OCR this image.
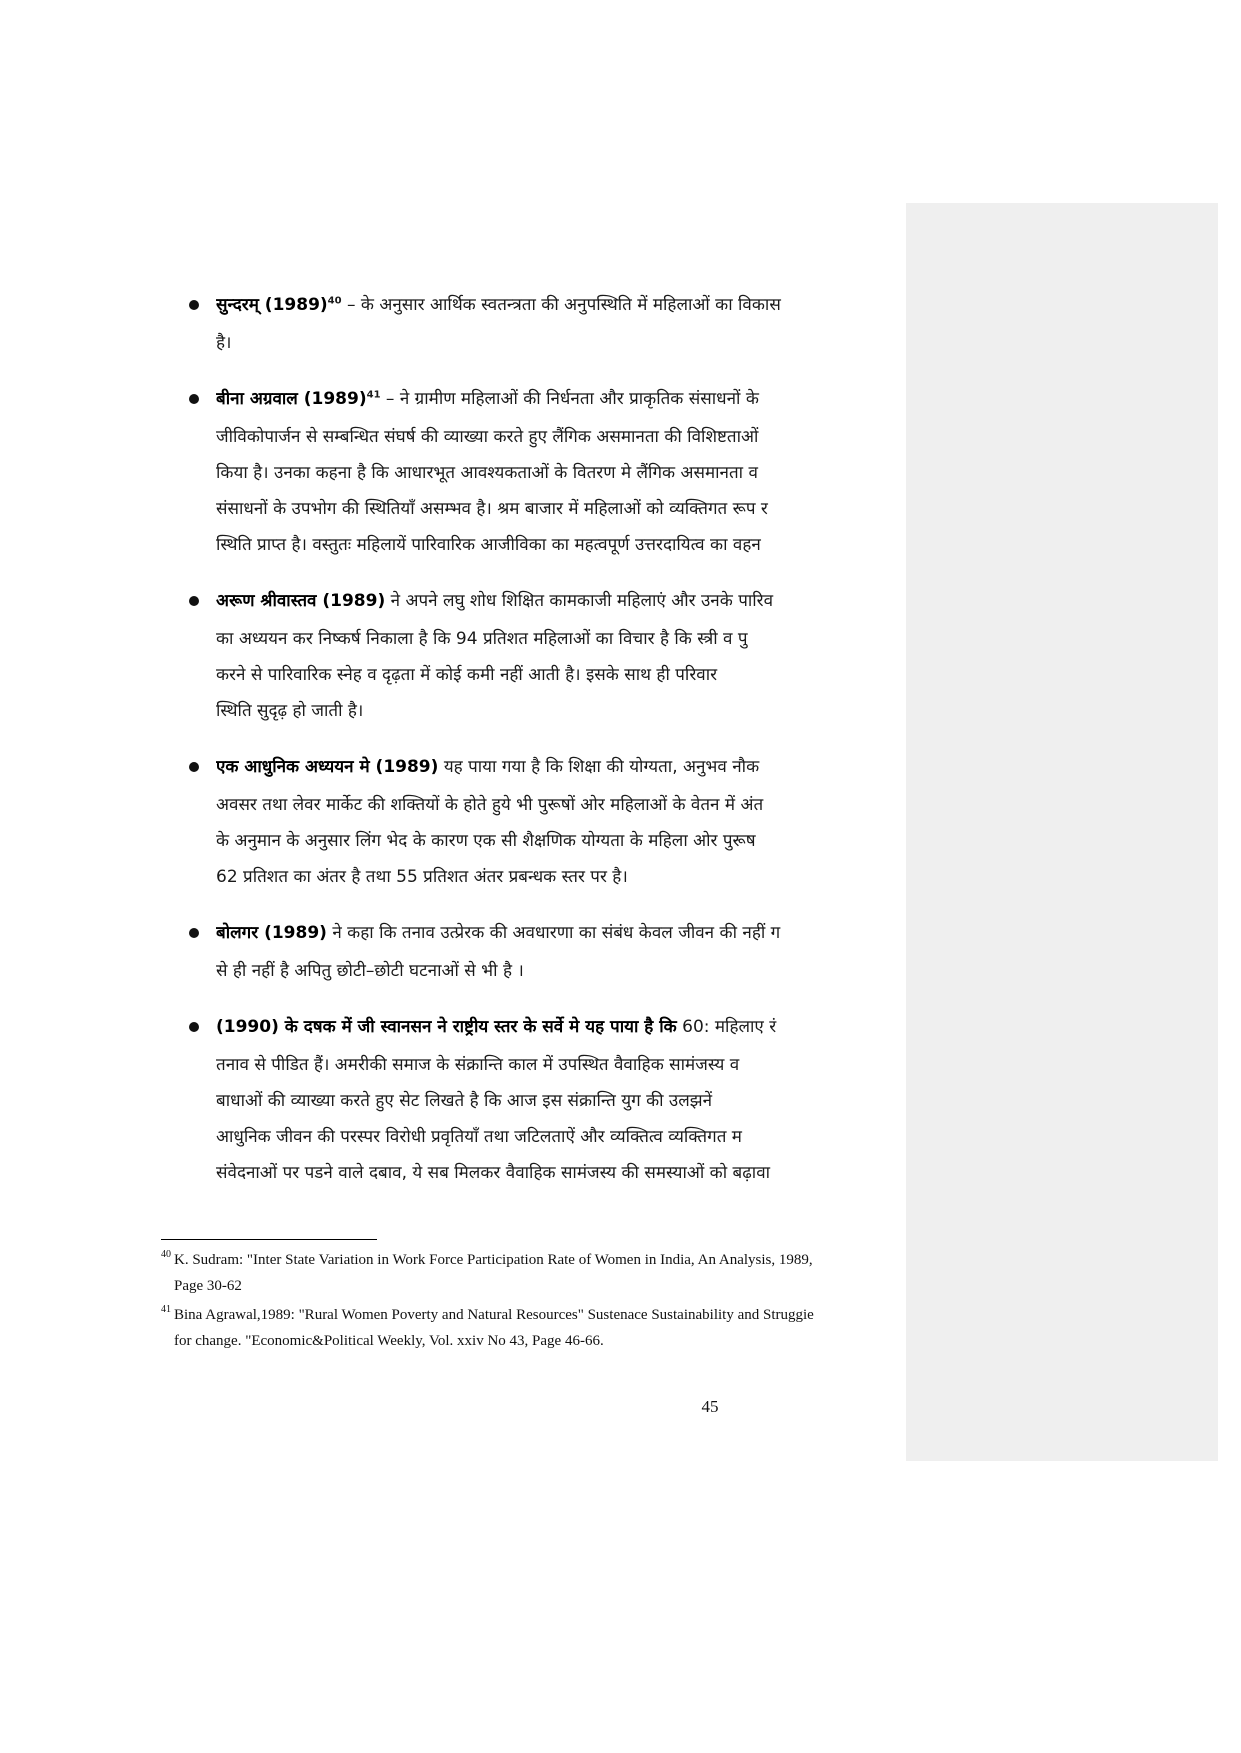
सुन्दरम् $(1989)^{40}$ – के अनुसार आर्थिक स्वतन्त्रता की अनुपस्थिति में महिलाओं का विकास
है।
बीना अग्रवाल $(1989)^{41}$ – ने ग्रामीण महिलाओं की निर्धनता और प्राकृतिक संसाधनों के
जीविकोपार्जन से सम्बन्धित संघर्ष की व्याख्या करते हुए लैंगिक असमानता की विशिष्टताओं
किया है। उनका कहना है कि आधारभूत आवश्यकताओं के वितरण मे लैंगिक असमानता व
संसाधनों के उपभोग की स्थितियॉं असम्भव है। श्रम बाजार में महिलाओं को व्यक्तिगत रूप र
स्थिति प्राप्त है। वस्तुतः महिलायें पारिवारिक आजीविका का महत्वपूर्ण उत्तरदायित्व का वहन
अरूण श्रीवास्तव (1989) ने अपने लघु शोध शिक्षित कामकाजी महिलाएं और उनके पारिव
का अध्ययन कर निष्कर्ष निकाला है कि 94 प्रतिशत महिलाओं का विचार है कि स्त्री व पु
करने से पारिवारिक स्नेह व दृढ़ता में कोई कमी नहीं आती है। इसके साथ ही परिवार
स्थिति सुदृढ़ हो जाती है।
एक आधुनिक अध्ययन मे (1989) यह पाया गया है कि शिक्षा की योग्यता, अनुभव नौक
अवसर तथा लेवर मार्केट की शक्तियों के होते हुये भी पुरूषों ओर महिलाओं के वेतन में अंत
के अनुमान के अनुसार लिंग भेद के कारण एक सी शैक्षणिक योग्यता के महिला ओर पुरूष
62 प्रतिशत का अंतर है तथा 55 प्रतिशत अंतर प्रबन्धक स्तर पर है।
बोलगर (1989) ने कहा कि तनाव उत्प्रेरक की अवधारणा का संबंध केवल जीवन की नहीं ग
से ही नहीं है अपितु छोटी–छोटी घटनाओं से भी है ।
(1990) के दषक में जी स्वानसन ने राष्ट्रीय स्तर के सर्वे मे यह पाया है कि 60: महिलाए रं
तनाव से पीडित हैं। अमरीकी समाज के संक्रान्ति काल में उपस्थित वैवाहिक सामंजस्य व
बाधाओं की व्याख्या करते हुए सेट लिखते है कि आज इस संक्रान्ति युग की उलझनें
आधुनिक जीवन की परस्पर विरोधी प्रवृतियॉं तथा जटिलताऐं और व्यक्तित्व व्यक्तिगत म
संवेदनाओं पर पडने वाले दबाव, ये सब मिलकर वैवाहिक सामंजस्य की समस्याओं को बढ़ावा
40 K. Sudram: "Inter State Variation in Work Force Participation Rate of Women in India, An Analysis, 1989,
Page 30-62
41 Bina Agrawal,1989: "Rural Women Poverty and Natural Resources" Sustenace Sustainability and Struggie
for change. "Economic&Political Weekly, Vol. xxiv No 43, Page 46-66.
45
